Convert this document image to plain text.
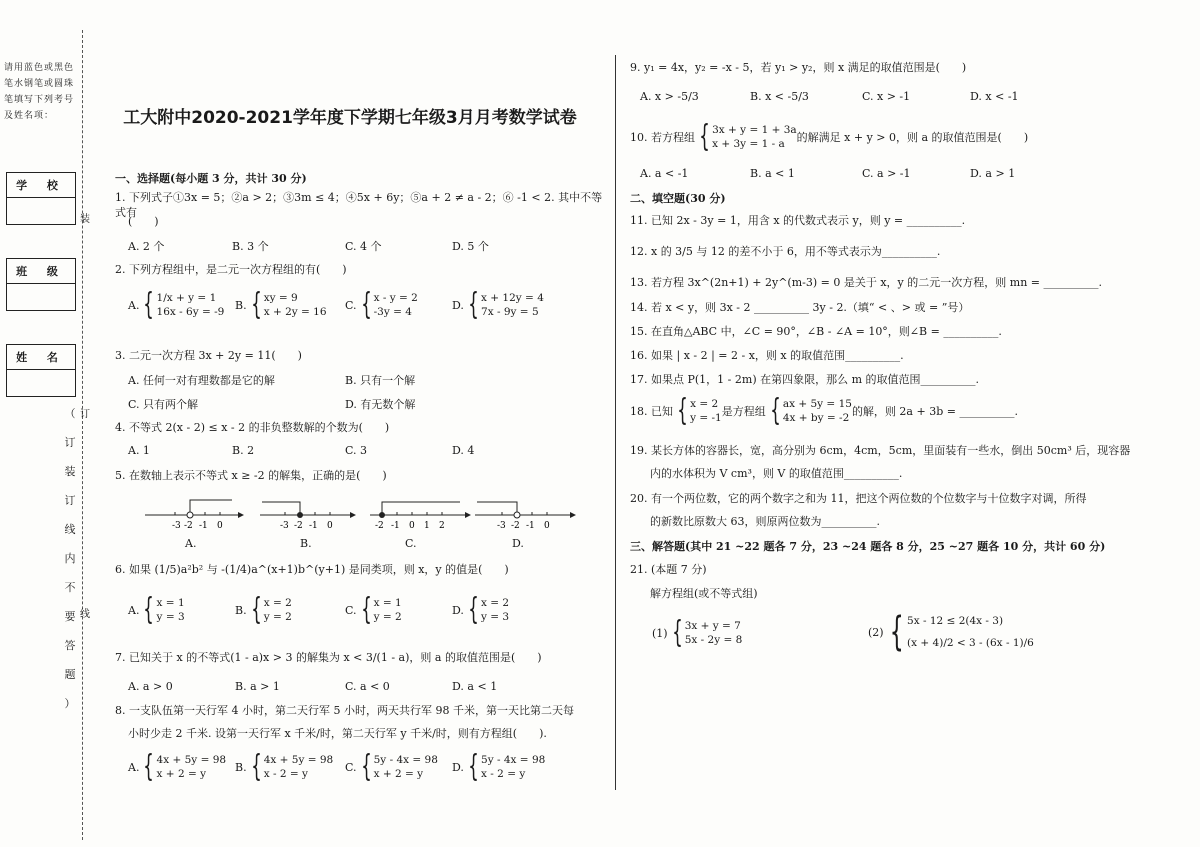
请用蓝色或黑色笔水钢笔或圆珠笔填写下列考号及姓名项：
学 校
班 级
姓 名
装
订
线
（
订
装
订
线
内
不
要
答
题
）
工大附中2020-2021学年度下学期七年级3月月考数学试卷
一、选择题(每小题 3 分，共计 30 分)
1. 下列式子①3x = 5；②a > 2；③3m ≤ 4；④5x + 6y；⑤a + 2 ≠ a - 2；⑥ -1 < 2. 其中不等式有
(　　)
A. 2 个	B. 3 个	C. 4 个	D. 5 个
2. 下列方程组中，是二元一次方程组的有(　　)
A. { 1/x + y = 1
16x - 6y = -9
B. { xy = 9
x + 2y = 16
C. { x - y = 2
-3y = 4
D. { x + 12y = 4
7x - 9y = 5
3. 二元一次方程 3x + 2y = 11(　　)
A. 任何一对有理数都是它的解	B. 只有一个解
C. 只有两个解	D. 有无数个解
4. 不等式 2(x - 2) ≤ x - 2 的非负整数解的个数为(　　)
A. 1	B. 2	C. 3	D. 4
5. 在数轴上表示不等式 x ≥ -2 的解集，正确的是(　　)
-3 -2 -1 0	-3 -2 -1 0	-2 -1 0 1 2	-3 -2 -1 0
A.	B.	C.	D.
6. 如果 (1/5)a²b² 与 -(1/4)a^(x+1)b^(y+1) 是同类项，则 x，y 的值是(　　)
A. { x = 1
y = 3
B. { x = 2
y = 2
C. { x = 1
y = 2
D. { x = 2
y = 3
7. 已知关于 x 的不等式(1 - a)x > 3 的解集为 x < 3/(1 - a)，则 a 的取值范围是(　　)
A. a > 0	B. a > 1	C. a < 0	D. a < 1
8. 一支队伍第一天行军 4 小时，第二天行军 5 小时，两天共行军 98 千米，第一天比第二天每
小时少走 2 千米. 设第一天行军 x 千米/时，第二天行军 y 千米/时，则有方程组(　　).
A. { 4x + 5y = 98
x + 2 = y
B. { 4x + 5y = 98
x - 2 = y
C. { 5y - 4x = 98
x + 2 = y
D. { 5y - 4x = 98
x - 2 = y
9. y₁ = 4x，y₂ = -x - 5，若 y₁ > y₂，则 x 满足的取值范围是(　　)
A. x > -5/3	B. x < -5/3	C. x > -1	D. x < -1
10. 若方程组 { 3x + y = 1 + 3a
x + 3y = 1 - a
的解满足 x + y > 0，则 a 的取值范围是(　　)
A. a < -1	B. a < 1	C. a > -1	D. a > 1
二、填空题(30 分)
11. 已知 2x - 3y = 1，用含 x 的代数式表示 y，则 y = __________.
12. x 的 3/5 与 12 的差不小于 6，用不等式表示为__________.
13. 若方程 3x^(2n+1) + 2y^(m-3) = 0 是关于 x，y 的二元一次方程，则 mn = __________.
14. 若 x < y，则 3x - 2 __________ 3y - 2.（填“ < 、> 或 = ”号）
15. 在直角△ABC 中，∠C = 90°，∠B - ∠A = 10°，则∠B = __________.
16. 如果 | x - 2 | = 2 - x，则 x 的取值范围__________.
17. 如果点 P(1，1 - 2m) 在第四象限，那么 m 的取值范围__________.
18. 已知 { x = 2
y = -1
是方程组 { ax + 5y = 15
4x + by = -2
的解，则 2a + 3b = __________.
19. 某长方体的容器长，宽，高分别为 6cm，4cm，5cm，里面装有一些水，倒出 50cm³ 后，现容器
内的水体积为 V cm³，则 V 的取值范围__________.
20. 有一个两位数，它的两个数字之和为 11，把这个两位数的个位数字与十位数字对调，所得
的新数比原数大 63，则原两位数为__________.
三、解答题(其中 21 ~22 题各 7 分，23 ~24 题各 8 分，25 ~27 题各 10 分，共计 60 分)
21. (本题 7 分)
解方程组(或不等式组)
(1) { 3x + y = 7
5x - 2y = 8
(2) { 5x - 12 ≤ 2(4x - 3)
(x + 4)/2 < 3 - (6x - 1)/6
